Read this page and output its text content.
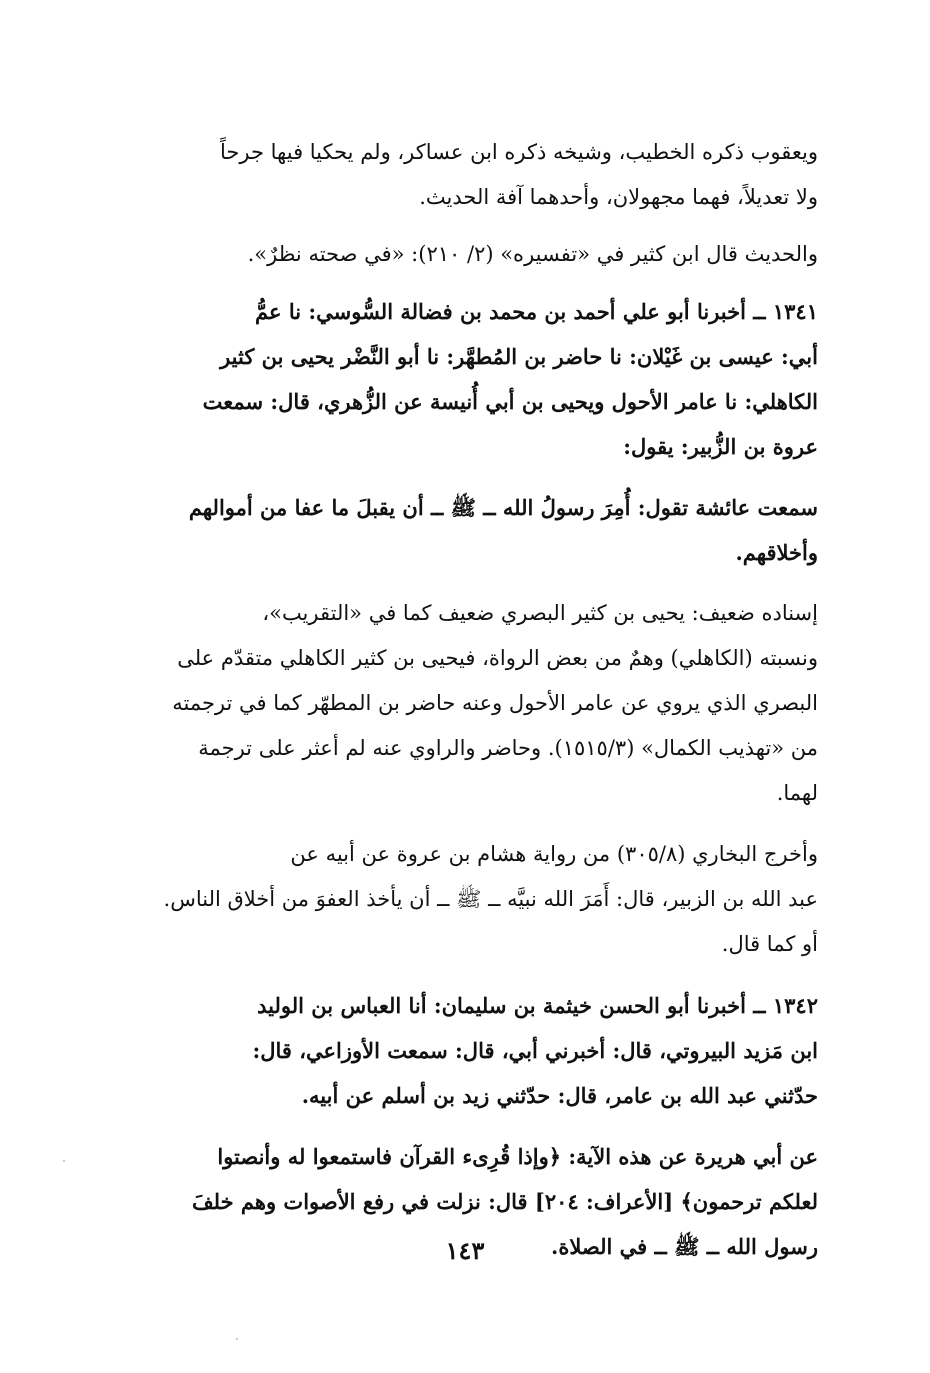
ويعقوب ذكره الخطيب، وشيخه ذكره ابن عساكر، ولم يحكيا فيها جرحاً
ولا تعديلاً، فهما مجهولان، وأحدهما آفة الحديث.

والحديث قال ابن كثير في «تفسيره» (٢/ ٢١٠): «في صحته نظرٌ».

١٣٤١ ــ أخبرنا أبو علي أحمد بن محمد بن فضالة السُّوسي: نا عمُّ
أبي: عيسى بن غَيْلان: نا حاضر بن المُطهَّر: نا أبو النَّضْر يحيى بن كثير
الكاهلي: نا عامر الأحول ويحيى بن أبي أُنيسة عن الزُّهري، قال: سمعت
عروة بن الزُّبير: يقول:

سمعت عائشة تقول: أُمِرَ رسولُ الله ــ ﷺ ــ أن يقبلَ ما عفا من أموالهم
وأخلاقهم.

إسناده ضعيف: يحيى بن كثير البصري ضعيف كما في «التقريب»،
ونسبته (الكاهلي) وهمٌ من بعض الرواة، فيحيى بن كثير الكاهلي متقدّم على
البصري الذي يروي عن عامر الأحول وعنه حاضر بن المطهّر كما في ترجمته
من «تهذيب الكمال» (١٥١٥/٣). وحاضر والراوي عنه لم أعثر على ترجمة
لهما.

وأخرج البخاري (٣٠٥/٨) من رواية هشام بن عروة عن أبيه عن
عبد الله بن الزبير، قال: أَمَرَ الله نبيَّه ــ ﷺ ــ أن يأخذ العفوَ من أخلاق الناس.
أو كما قال.

١٣٤٢ ــ أخبرنا أبو الحسن خيثمة بن سليمان: أنا العباس بن الوليد
ابن مَزيد البيروتي، قال: أخبرني أبي، قال: سمعت الأوزاعي، قال:
حدّثني عبد الله بن عامر، قال: حدّثني زيد بن أسلم عن أبيه.

عن أبي هريرة عن هذه الآية: ﴿وإذا قُرِىء القرآن فاستمعوا له وأنصتوا
لعلكم ترحمون﴾ [الأعراف: ٢٠٤] قال: نزلت في رفع الأصوات وهم خلفَ
رسول الله ــ ﷺ ــ في الصلاة.

١٤٣
